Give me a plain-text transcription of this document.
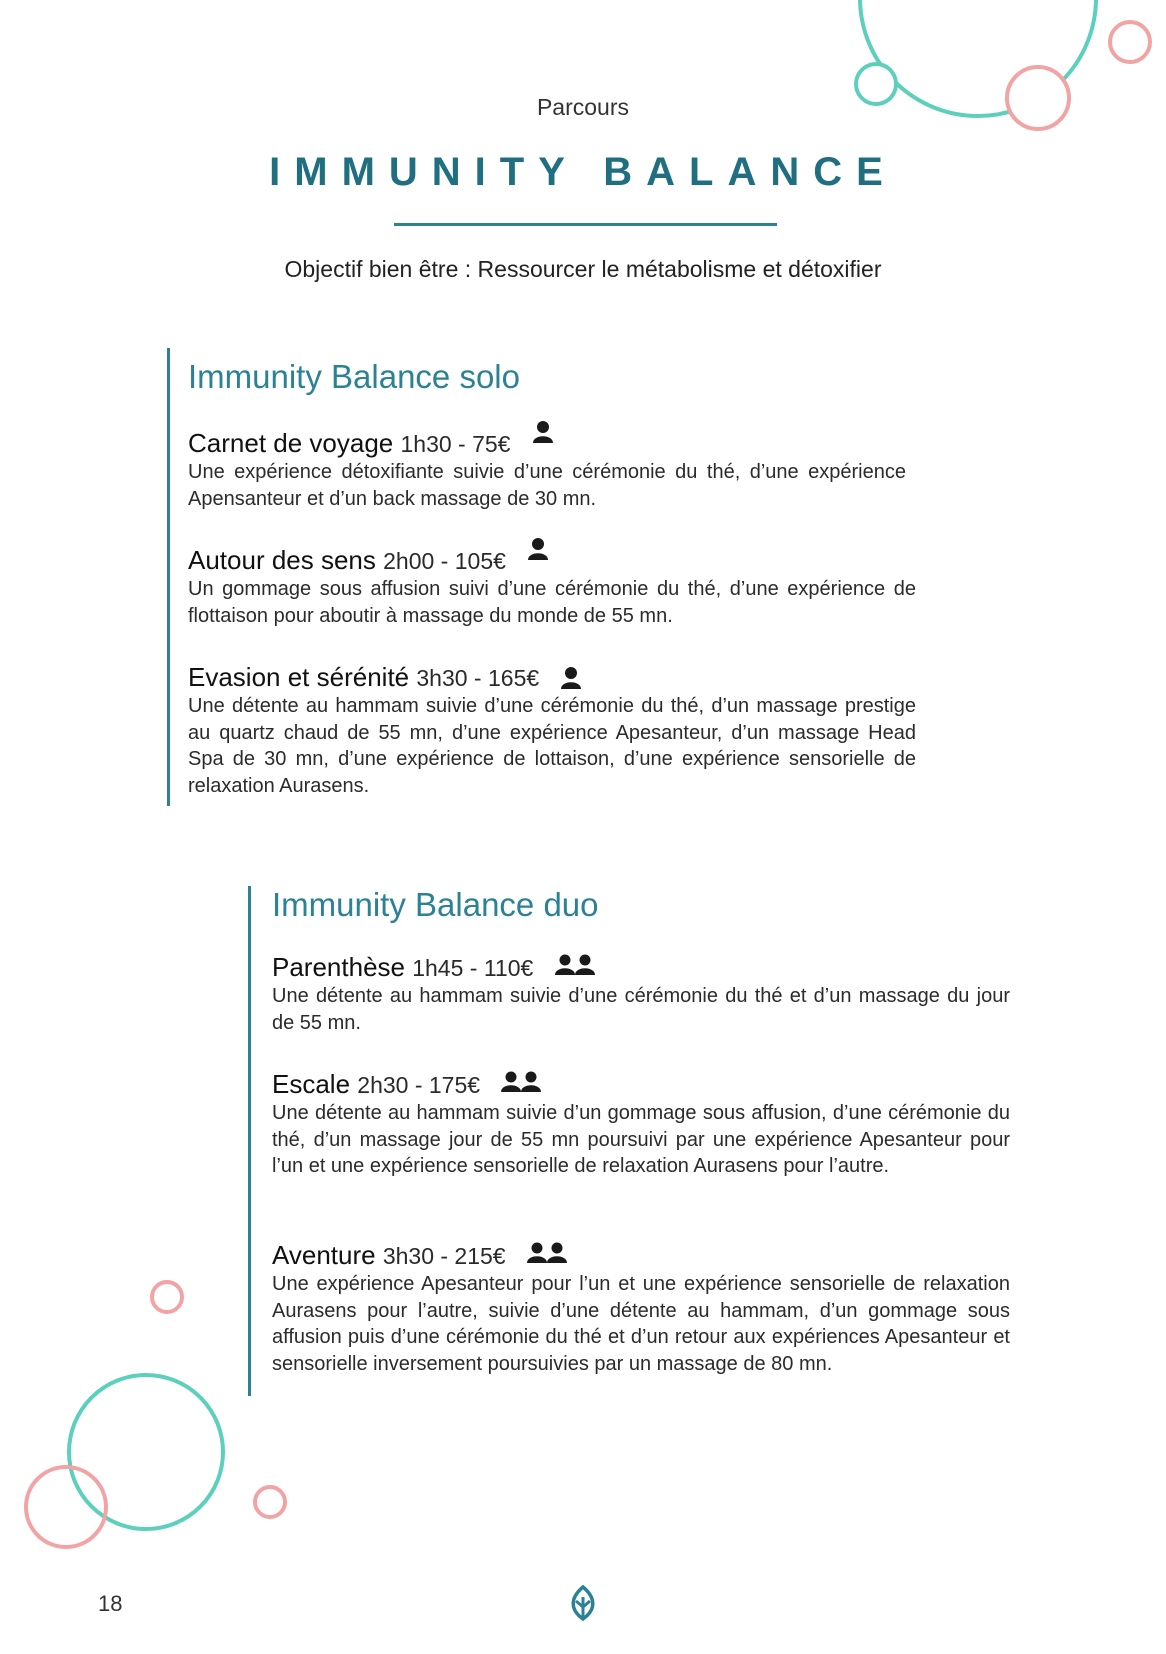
Parcours
IMMUNITY BALANCE
Objectif bien être : Ressourcer le métabolisme et détoxifier
Immunity Balance solo
Carnet de voyage 1h30 - 75€
Une expérience détoxifiante suivie d’une cérémonie du thé, d’une expérience Apensanteur et d’un back massage de 30 mn.
Autour des sens 2h00 - 105€
Un gommage sous affusion suivi d’une cérémonie du thé, d’une expérience de flottaison pour aboutir à massage du monde de 55 mn.
Evasion et sérénité 3h30 - 165€
Une détente au hammam suivie d’une cérémonie du thé, d’un massage prestige au quartz chaud de 55 mn, d’une expérience Apesanteur, d’un massage Head Spa de 30 mn, d’une expérience de lottaison, d’une expérience sensorielle de relaxation Aurasens.
Immunity Balance duo
Parenthèse 1h45 - 110€
Une détente au hammam suivie d’une cérémonie du thé et d’un massage du jour de 55 mn.
Escale 2h30 - 175€
Une détente au hammam suivie d’un gommage sous affusion, d’une cérémonie du thé, d’un massage jour de 55 mn poursuivi par une expérience Apesanteur pour l’un et une expérience sensorielle de relaxation Aurasens pour l’autre.
Aventure 3h30 - 215€
Une expérience Apesanteur pour l’un et une expérience sensorielle de relaxation Aurasens pour l’autre, suivie d’une détente au hammam, d’un gommage sous affusion puis d’une cérémonie du thé et d’un retour aux expériences Apesanteur et sensorielle inversement poursuivies par un massage de 80 mn.
18
